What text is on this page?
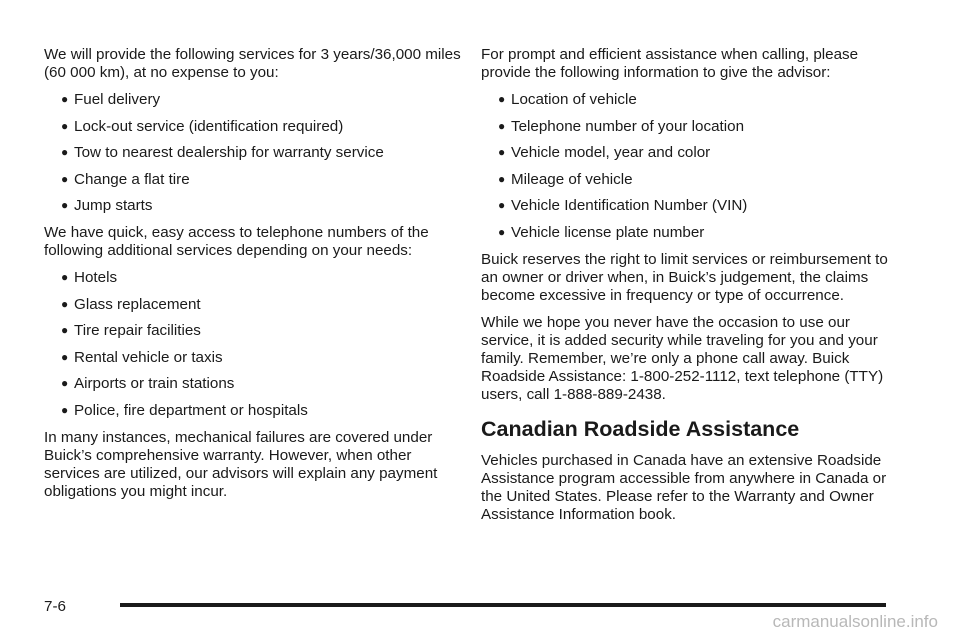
We will provide the following services for 3 years/36,000 miles (60 000 km), at no expense to you:

● Fuel delivery
● Lock-out service (identification required)
● Tow to nearest dealership for warranty service
● Change a flat tire
● Jump starts

We have quick, easy access to telephone numbers of the following additional services depending on your needs:

● Hotels
● Glass replacement
● Tire repair facilities
● Rental vehicle or taxis
● Airports or train stations
● Police, fire department or hospitals

In many instances, mechanical failures are covered under Buick’s comprehensive warranty. However, when other services are utilized, our advisors will explain any payment obligations you might incur.

For prompt and efficient assistance when calling, please provide the following information to give the advisor:

● Location of vehicle
● Telephone number of your location
● Vehicle model, year and color
● Mileage of vehicle
● Vehicle Identification Number (VIN)
● Vehicle license plate number

Buick reserves the right to limit services or reimbursement to an owner or driver when, in Buick’s judgement, the claims become excessive in frequency or type of occurrence.

While we hope you never have the occasion to use our service, it is added security while traveling for you and your family. Remember, we’re only a phone call away. Buick Roadside Assistance: 1-800-252-1112, text telephone (TTY) users, call 1-888-889-2438.

Canadian Roadside Assistance

Vehicles purchased in Canada have an extensive Roadside Assistance program accessible from anywhere in Canada or the United States. Please refer to the Warranty and Owner Assistance Information book.

7-6
carmanualsonline.info
